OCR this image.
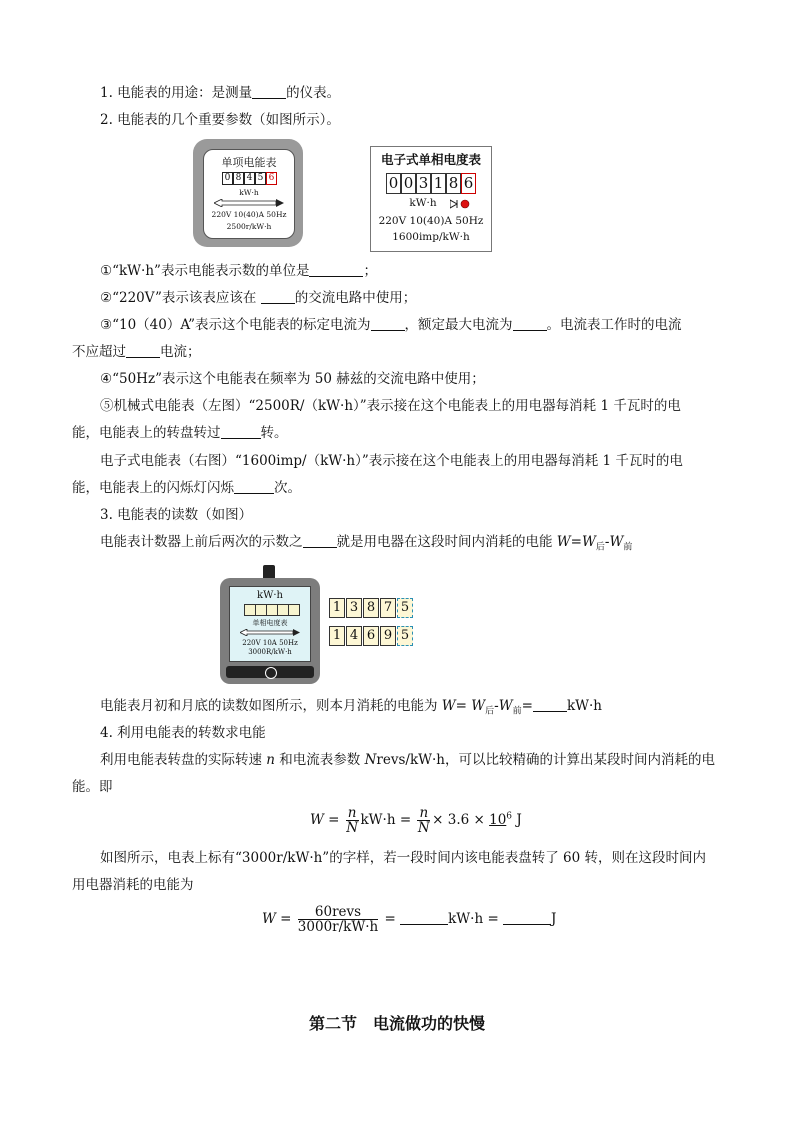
1. 电能表的用途：是测量	的仪表。
2. 电能表的几个重要参数（如图所示）。
单项电能表
0 8 4 5 6
kW·h
220V 10(40)A 50Hz
2500r/kW·h
电子式单相电度表
0 0 3 1 8 6
kW·h
220V 10(40)A 50Hz
1600imp/kW·h
①“kW·h”表示电能表示数的单位是	；
②“220V”表示该表应该在	的交流电路中使用；
③“10（40）A”表示这个电能表的标定电流为	，额定最大电流为	。电流表工作时的电流
不应超过	电流；
④“50Hz”表示这个电能表在频率为 50 赫兹的交流电路中使用；
⑤机械式电能表（左图）“2500R/（kW·h）”表示接在这个电能表上的用电器每消耗 1 千瓦时的电
能，电能表上的转盘转过	转。
电子式电能表（右图）“1600imp/（kW·h）”表示接在这个电能表上的用电器每消耗 1 千瓦时的电
能，电能表上的闪烁灯闪烁	次。
3. 电能表的读数（如图）
电能表计数器上前后两次的示数之	就是用电器在这段时间内消耗的电能 $W=W_后-W_前$
kW·h
单相电度表
220V 10A 50Hz
3000R/kW·h
1 3 8 7 5
1 4 6 9 5
电能表月初和月底的读数如图所示，则本月消耗的电能为 $W= W_后-W_前=$	kW·h
4. 利用电能表的转数求电能
利用电能表转盘的实际转速 n 和电流表参数 Nrevs/kW·h，可以比较精确的计算出某段时间内消耗的电
能。即
$W = \frac{n}{N} kW\cdot h = \frac{n}{N} \times 3.6 \times 10^6$ J
如图所示，电表上标有“3000r/kW·h”的字样，若一段时间内该电能表盘转了 60 转，则在这段时间内
用电器消耗的电能为
$W = \frac{\text{60revs}}{3000r/kW\cdot h}$ =	kW·h =	J
第二节　电流做功的快慢
